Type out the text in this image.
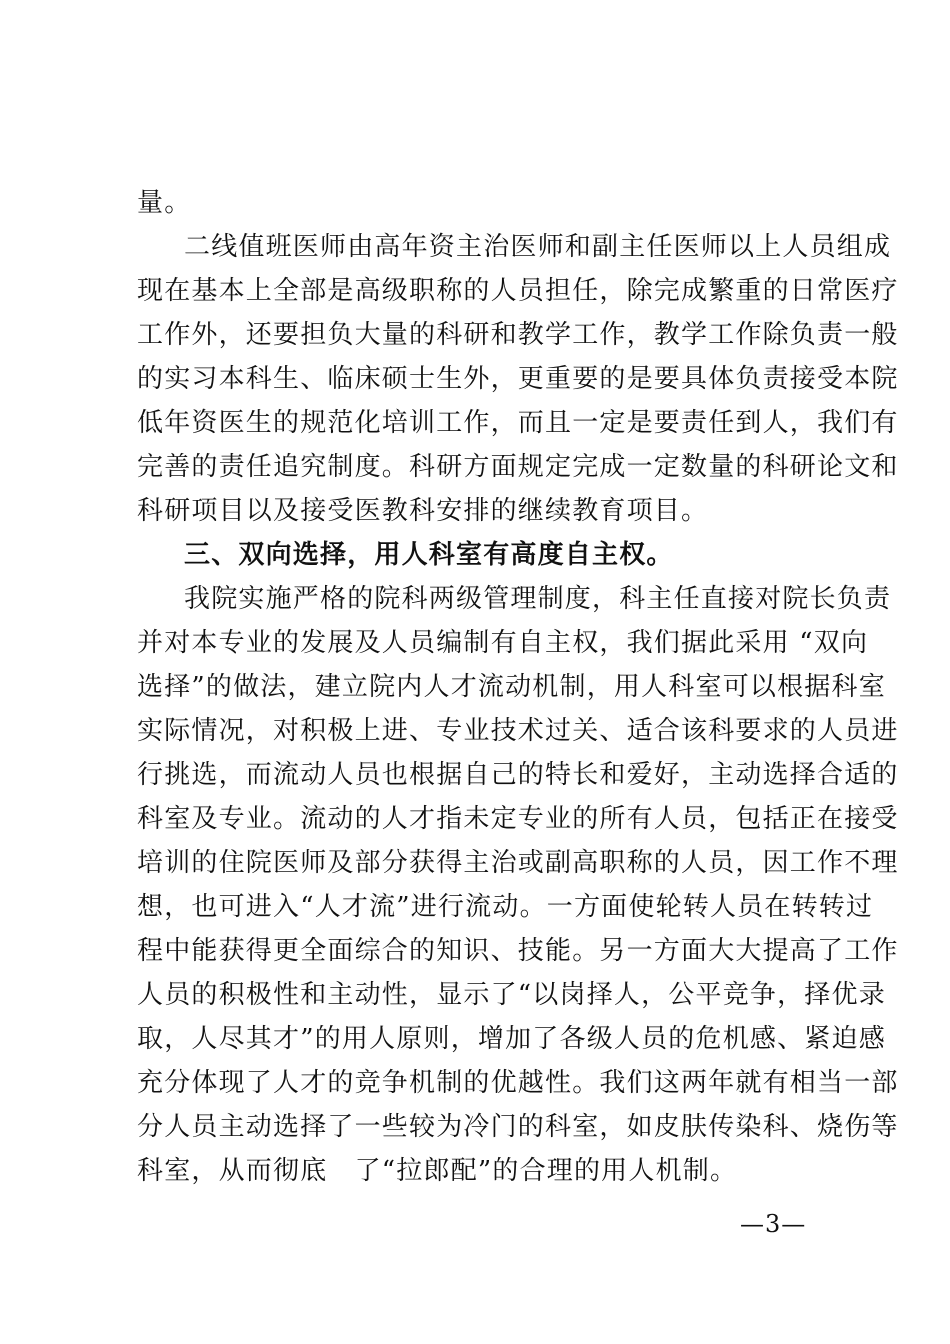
量。
二线值班医师由高年资主治医师和副主任医师以上人员组成
现在基本上全部是高级职称的人员担任，除完成繁重的日常医疗
工作外，还要担负大量的科研和教学工作，教学工作除负责一般
的实习本科生、临床硕士生外，更重要的是要具体负责接受本院
低年资医生的规范化培训工作，而且一定是要责任到人，我们有
完善的责任追究制度。科研方面规定完成一定数量的科研论文和
科研项目以及接受医教科安排的继续教育项目。
三、双向选择，用人科室有高度自主权。
我院实施严格的院科两级管理制度，科主任直接对院长负责
并对本专业的发展及人员编制有自主权，我们据此采用 “双向
选择”的做法，建立院内人才流动机制，用人科室可以根据科室
实际情况，对积极上进、专业技术过关、适合该科要求的人员进
行挑选，而流动人员也根据自己的特长和爱好，主动选择合适的
科室及专业。流动的人才指未定专业的所有人员，包括正在接受
培训的住院医师及部分获得主治或副高职称的人员，因工作不理
想，也可进入“人才流”进行流动。一方面使轮转人员在转转过
程中能获得更全面综合的知识、技能。另一方面大大提高了工作
人员的积极性和主动性，显示了“以岗择人，公平竞争，择优录
取，人尽其才”的用人原则，增加了各级人员的危机感、紧迫感
充分体现了人才的竞争机制的优越性。我们这两年就有相当一部
分人员主动选择了一些较为冷门的科室，如皮肤传染科、烧伤等
科室，从而彻底　了“拉郎配”的合理的用人机制。
—3—
